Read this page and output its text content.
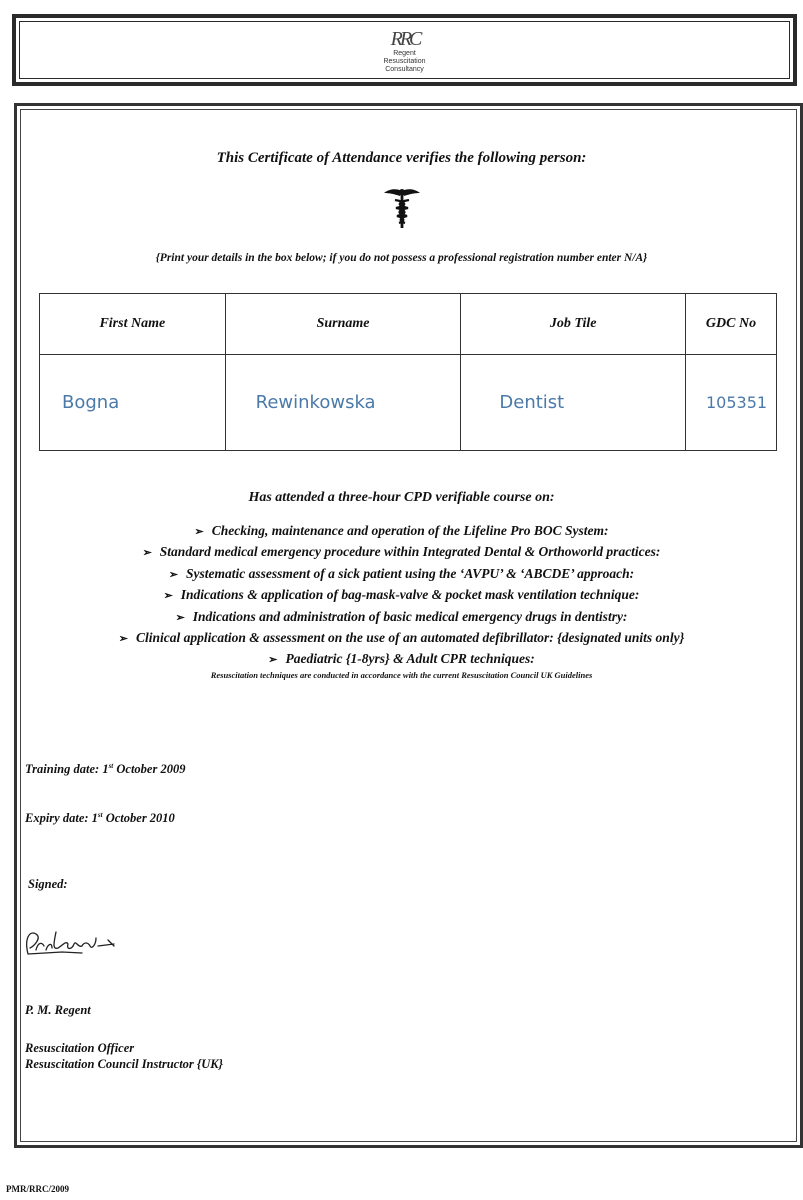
RRC
Regent
Resuscitation
Consultancy
This Certificate of Attendance verifies the following person:
{Print your details in the box below; if you do not possess a professional registration number enter N/A}
First Name	Surname	Job Tile	GDC No
Bogna	Rewinkowska	Dentist	105351
Has attended a three-hour CPD verifiable course on:
➢ Checking, maintenance and operation of the Lifeline Pro BOC System:
➢ Standard medical emergency procedure within Integrated Dental & Orthoworld practices:
➢ Systematic assessment of a sick patient using the ‘AVPU’ & ‘ABCDE’ approach:
➢ Indications & application of bag-mask-valve & pocket mask ventilation technique:
➢ Indications and administration of basic medical emergency drugs in dentistry:
➢ Clinical application & assessment on the use of an automated defibrillator: {designated units only}
➢ Paediatric {1-8yrs} & Adult CPR techniques:
Resuscitation techniques are conducted in accordance with the current Resuscitation Council UK Guidelines
Training date: 1st October 2009
Expiry date: 1st October 2010
Signed:
P. M. Regent
Resuscitation Officer
Resuscitation Council Instructor {UK}
PMR/RRC/2009
